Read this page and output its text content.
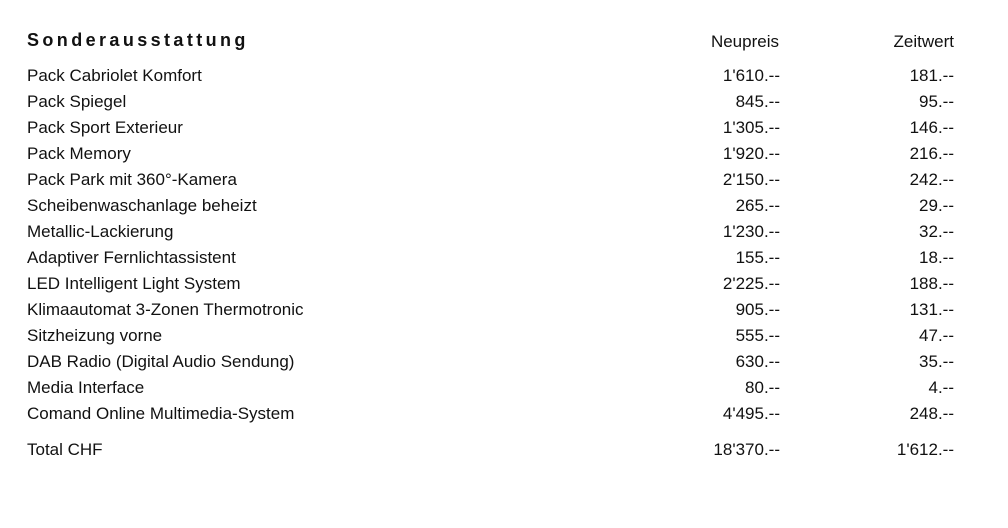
Sonderausstattung	Neupreis	Zeitwert
Pack Cabriolet Komfort	1'610.--	181.--
Pack Spiegel	845.--	95.--
Pack Sport Exterieur	1'305.--	146.--
Pack Memory	1'920.--	216.--
Pack Park mit 360°-Kamera	2'150.--	242.--
Scheibenwaschanlage beheizt	265.--	29.--
Metallic-Lackierung	1'230.--	32.--
Adaptiver Fernlichtassistent	155.--	18.--
LED Intelligent Light System	2'225.--	188.--
Klimaautomat 3-Zonen Thermotronic	905.--	131.--
Sitzheizung vorne	555.--	47.--
DAB Radio (Digital Audio Sendung)	630.--	35.--
Media Interface	80.--	4.--
Comand Online Multimedia-System	4'495.--	248.--
Total CHF	18'370.--	1'612.--
